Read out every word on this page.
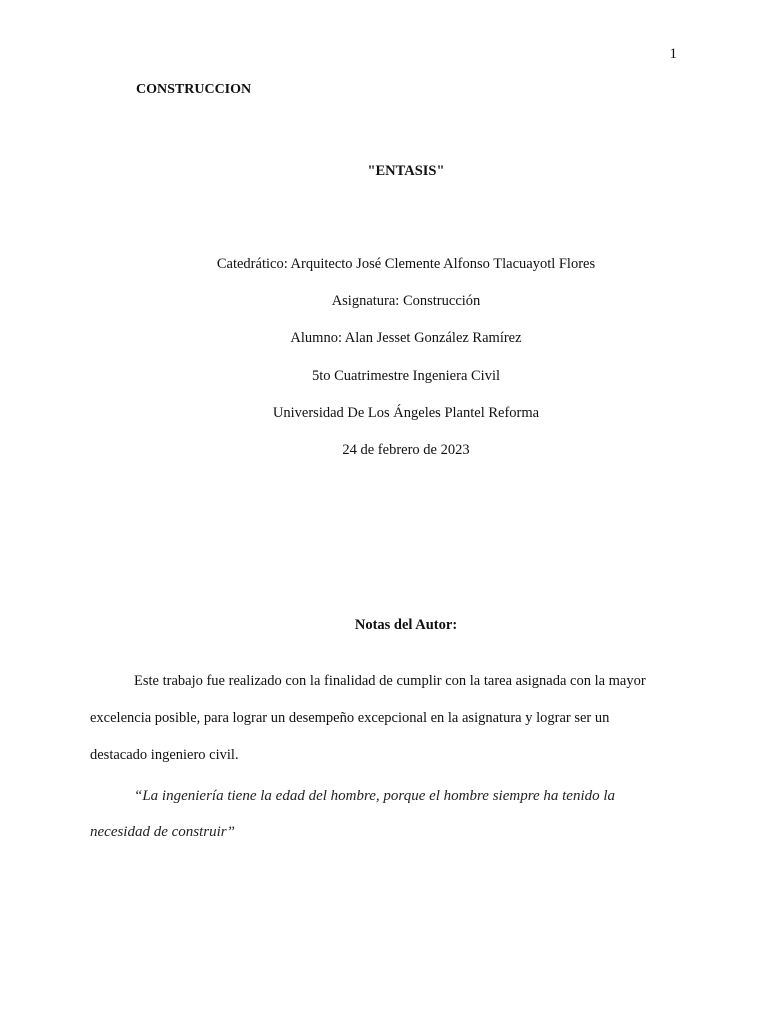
1
CONSTRUCCION
"ENTASIS"
Catedrático: Arquitecto José Clemente Alfonso Tlacuayotl Flores
Asignatura: Construcción
Alumno: Alan Jesset González Ramírez
5to Cuatrimestre Ingeniera Civil
Universidad De Los Ángeles Plantel Reforma
24 de febrero de 2023
Notas del Autor:
Este trabajo fue realizado con la finalidad de cumplir con la tarea asignada con la mayor
excelencia posible, para lograr un desempeño excepcional en la asignatura y lograr ser un
destacado ingeniero civil.
“La ingeniería tiene la edad del hombre, porque el hombre siempre ha tenido la
necesidad de construir”
